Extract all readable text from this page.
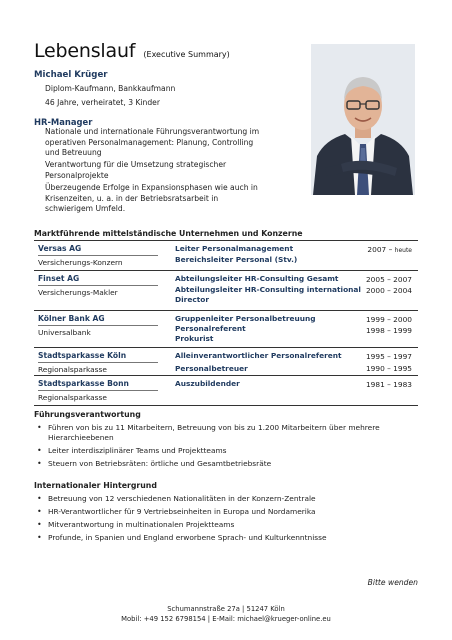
Lebenslauf (Executive Summary)
Michael Krüger
Diplom-Kaufmann, Bankkaufmann
46 Jahre, verheiratet, 3 Kinder
HR-Manager
Nationale und internationale Führungsverantwortung im operativen Personalmanagement: Planung, Controlling und Betreuung
Verantwortung für die Umsetzung strategischer Personalprojekte
Überzeugende Erfolge in Expansionsphasen wie auch in Krisenzeiten, u. a. in der Betriebsratsarbeit in schwierigem Umfeld.
Marktführende mittelständische Unternehmen und Konzerne
Versas AG
Versicherungs-Konzern
Leiter Personalmanagement
Bereichsleiter Personal (Stv.)
2007 – heute
Finset AG
Versicherungs-Makler
Abteilungsleiter HR-Consulting Gesamt
Abteilungsleiter HR-Consulting international Director
2005 – 2007
2000 – 2004
Kölner Bank AG
Universalbank
Gruppenleiter Personalbetreuung
Personalreferent
Prokurist
1999 – 2000
1998 – 1999
Stadtsparkasse Köln
Regionalsparkasse
Alleinverantwortlicher Personalreferent
Personalbetreuer
1995 – 1997
1990 – 1995
Stadtsparkasse Bonn
Regionalsparkasse
Auszubildender	1981 – 1983
Führungsverantwortung
• Führen von bis zu 11 Mitarbeitern, Betreuung von bis zu 1.200 Mitarbeitern über mehrere Hierarchieebenen
• Leiter interdisziplinärer Teams und Projektteams
• Steuern von Betriebsräten: örtliche und Gesamtbetriebsräte
Internationaler Hintergrund
• Betreuung von 12 verschiedenen Nationalitäten in der Konzern-Zentrale
• HR-Verantwortlicher für 9 Vertriebseinheiten in Europa und Nordamerika
• Mitverantwortung in multinationalen Projektteams
• Profunde, in Spanien und England erworbene Sprach- und Kulturkenntnisse
Bitte wenden
Schumannstraße 27a | 51247 Köln
Mobil: +49 152 6798154 | E-Mail: michael@krueger-online.eu
